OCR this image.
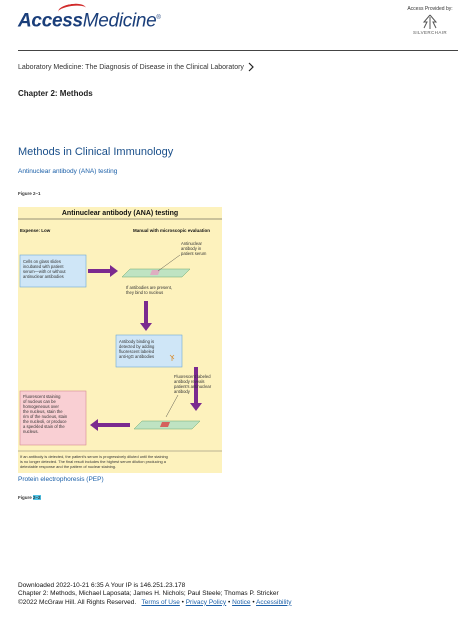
AccessMedicine®
Access Provided by:
SILVERCHAIR
Laboratory Medicine: The Diagnosis of Disease in the Clinical Laboratory
Chapter 2: Methods
Methods in Clinical Immunology
Antinuclear antibody (ANA) testing
Figure 2–1
Antinuclear antibody (ANA) testing
Expense: Low	Manual with microscopic evaluation
Cells on glass slides incubated with patient serum—with or without antinuclear antibodies
Antinuclear antibody in patient serum
If antibodies are present, they bind to nucleus
Antibody binding is detected by adding fluorescent labeled anti-IgG antibodies
Fluorescent labeled antibody reveals patient's antinuclear antibody
Fluorescent staining of nucleus can be homogeneous over the nucleus, stain the rim of the nucleus, stain the nucleoli, or produce a speckled stain of the nucleus.
If an antibody is detected, the patient's serum is progressively diluted until the staining is no longer detected. The final result includes the highest serum dilution producing a detectable response and the pattern of nuclear staining.
Protein electrophoresis (PEP)
Figure 2–2
Downloaded 2022-10-21 6:35 A Your IP is 146.251.23.178
Chapter 2: Methods, Michael Laposata; James H. Nichols; Paul Steele; Thomas P. Stricker
©2022 McGraw Hill. All Rights Reserved. Terms of Use • Privacy Policy • Notice • Accessibility
